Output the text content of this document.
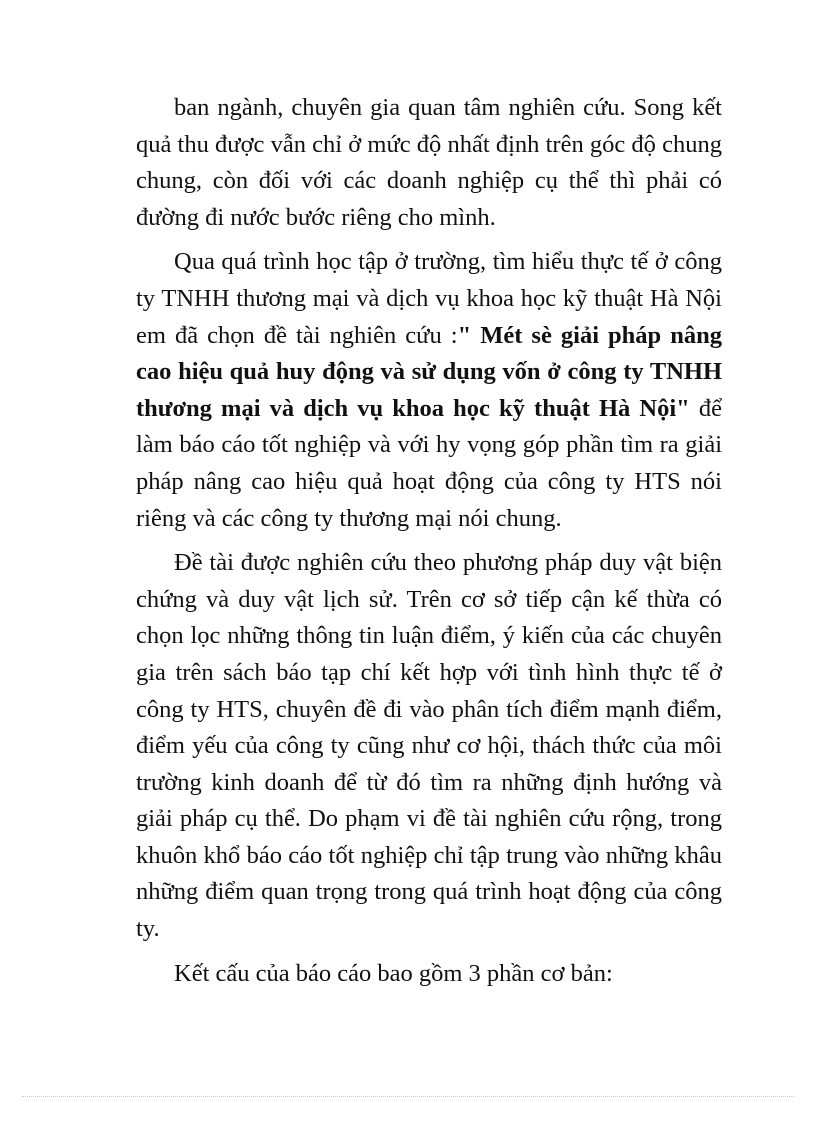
ban ngành, chuyên gia quan tâm nghiên cứu. Song kết quả thu được vẫn chỉ ở mức độ nhất định trên góc độ chung chung, còn đối với các doanh nghiệp cụ thể thì phải có đường đi nước bước riêng cho mình.

Qua quá trình học tập ở trường, tìm hiểu thực tế ở công ty TNHH thương mại và dịch vụ khoa học kỹ thuật Hà Nội em đã chọn đề tài nghiên cứu :" Mét sè giải pháp nâng cao hiệu quả huy động và sử dụng vốn ở công ty TNHH thương mại và dịch vụ khoa học kỹ thuật Hà Nội" để làm báo cáo tốt nghiệp và với hy vọng góp phần tìm ra giải pháp nâng cao hiệu quả hoạt động của công ty HTS nói riêng và các công ty thương mại nói chung.

Đề tài được nghiên cứu theo phương pháp duy vật biện chứng và duy vật lịch sử. Trên cơ sở tiếp cận kế thừa có chọn lọc những thông tin luận điểm, ý kiến của các chuyên gia trên sách báo tạp chí kết hợp với tình hình thực tế ở công ty HTS, chuyên đề đi vào phân tích điểm mạnh điểm, điểm yếu của công ty cũng như cơ hội, thách thức của môi trường kinh doanh để từ đó tìm ra những định hướng và giải pháp cụ thể. Do phạm vi đề tài nghiên cứu rộng, trong khuôn khổ báo cáo tốt nghiệp chỉ tập trung vào những khâu những điểm quan trọng trong quá trình hoạt động của công ty.

Kết cấu của báo cáo bao gồm 3 phần cơ bản:
